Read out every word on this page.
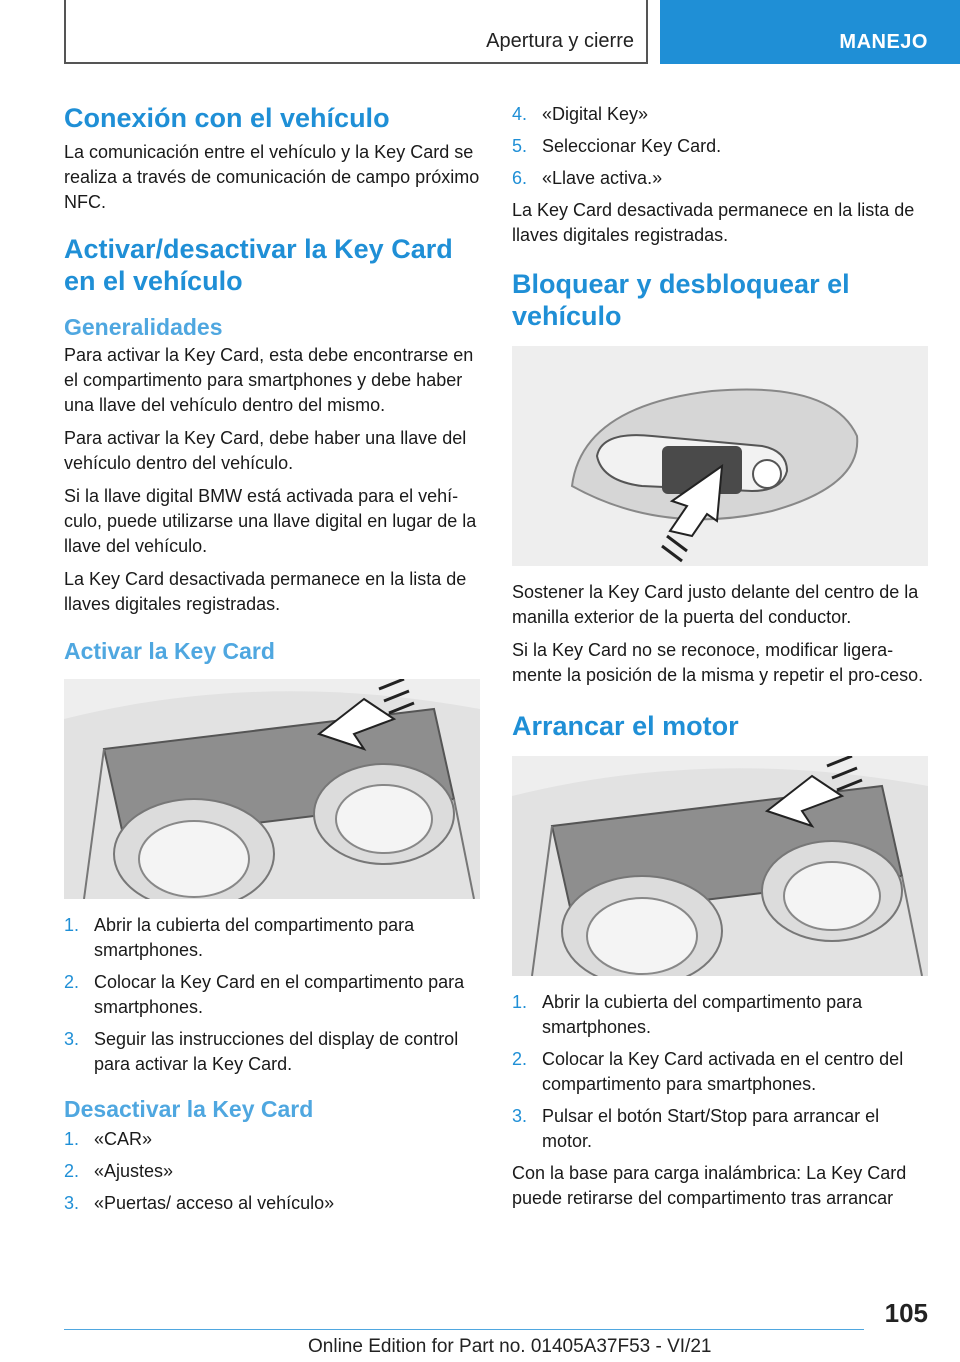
Apertura y cierre	MANEJO
Conexión con el vehículo

La comunicación entre el vehículo y la Key Card se realiza a través de comunicación de campo próximo NFC.

Activar/desactivar la Key Card en el vehículo
Generalidades

Para activar la Key Card, esta debe encontrarse en el compartimento para smartphones y debe haber una llave del vehículo dentro del mismo.

Para activar la Key Card, debe haber una llave del vehículo dentro del vehículo.

Si la llave digital BMW está activada para el vehí‐culo, puede utilizarse una llave digital en lugar de la llave del vehículo.

La Key Card desactivada permanece en la lista de llaves digitales registradas.

Activar la Key Card
1. Abrir la cubierta del compartimento para smartphones.
2. Colocar la Key Card en el compartimento para smartphones.
3. Seguir las instrucciones del display de control para activar la Key Card.
Desactivar la Key Card
1. «CAR»
2. «Ajustes»
3. «Puertas/ acceso al vehículo»
4. «Digital Key»
5. Seleccionar Key Card.
6. «Llave activa.»

La Key Card desactivada permanece en la lista de llaves digitales registradas.

Bloquear y desbloquear el vehículo

Sostener la Key Card justo delante del centro de la manilla exterior de la puerta del conductor.

Si la Key Card no se reconoce, modificar ligera‐mente la posición de la misma y repetir el pro‐ceso.

Arrancar el motor
1. Abrir la cubierta del compartimento para smartphones.
2. Colocar la Key Card activada en el centro del compartimento para smartphones.
3. Pulsar el botón Start/Stop para arrancar el motor.

Con la base para carga inalámbrica: La Key Card puede retirarse del compartimento tras arrancar

105
Online Edition for Part no. 01405A37F53 - VI/21
